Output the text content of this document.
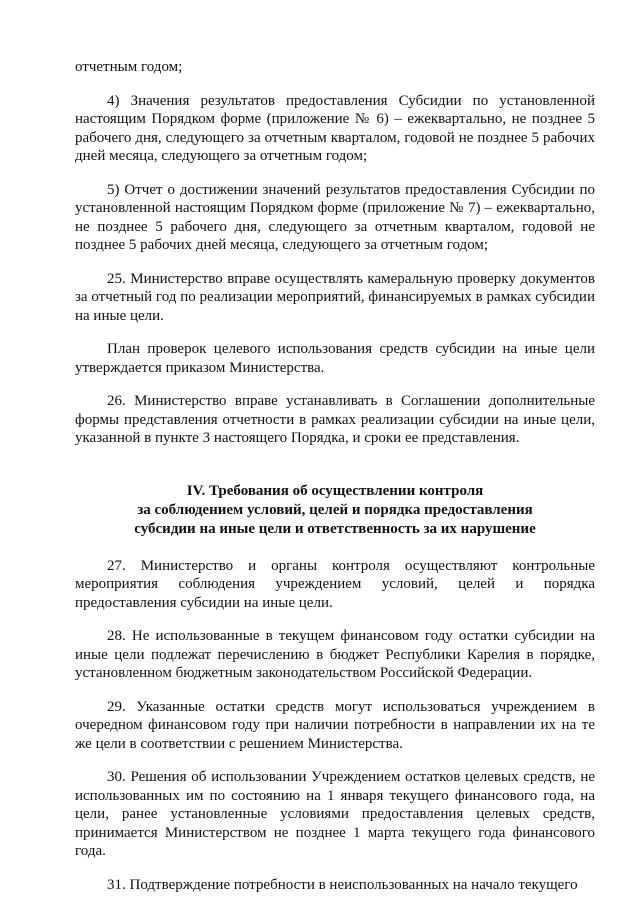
отчетным годом;

4) Значения результатов предоставления Субсидии по установленной настоящим Порядком форме (приложение № 6) – ежеквартально, не позднее 5 рабочего дня, следующего за отчетным кварталом, годовой не позднее 5 рабочих дней месяца, следующего за отчетным годом;

5) Отчет о достижении значений результатов предоставления Субсидии по установленной настоящим Порядком форме (приложение № 7) – ежеквартально, не позднее 5 рабочего дня, следующего за отчетным кварталом, годовой не позднее 5 рабочих дней месяца, следующего за отчетным годом;

25. Министерство вправе осуществлять камеральную проверку документов за отчетный год по реализации мероприятий, финансируемых в рамках субсидии на иные цели.

План проверок целевого использования средств субсидии на иные цели утверждается приказом Министерства.

26. Министерство вправе устанавливать в Соглашении дополнительные формы представления отчетности в рамках реализации субсидии на иные цели, указанной в пункте 3 настоящего Порядка, и сроки ее представления.

IV. Требования об осуществлении контроля
за соблюдением условий, целей и порядка предоставления
субсидии на иные цели и ответственность за их нарушение

27. Министерство и органы контроля осуществляют контрольные мероприятия соблюдения учреждением условий, целей и порядка предоставления субсидии на иные цели.

28. Не использованные в текущем финансовом году остатки субсидии на иные цели подлежат перечислению в бюджет Республики Карелия в порядке, установленном бюджетным законодательством Российской Федерации.

29. Указанные остатки средств могут использоваться учреждением в очередном финансовом году при наличии потребности в направлении их на те же цели в соответствии с решением Министерства.

30. Решения об использовании Учреждением остатков целевых средств, не использованных им по состоянию на 1 января текущего финансового года, на цели, ранее установленные условиями предоставления целевых средств, принимается Министерством не позднее 1 марта текущего года финансового года.

31. Подтверждение потребности в неиспользованных на начало текущего
